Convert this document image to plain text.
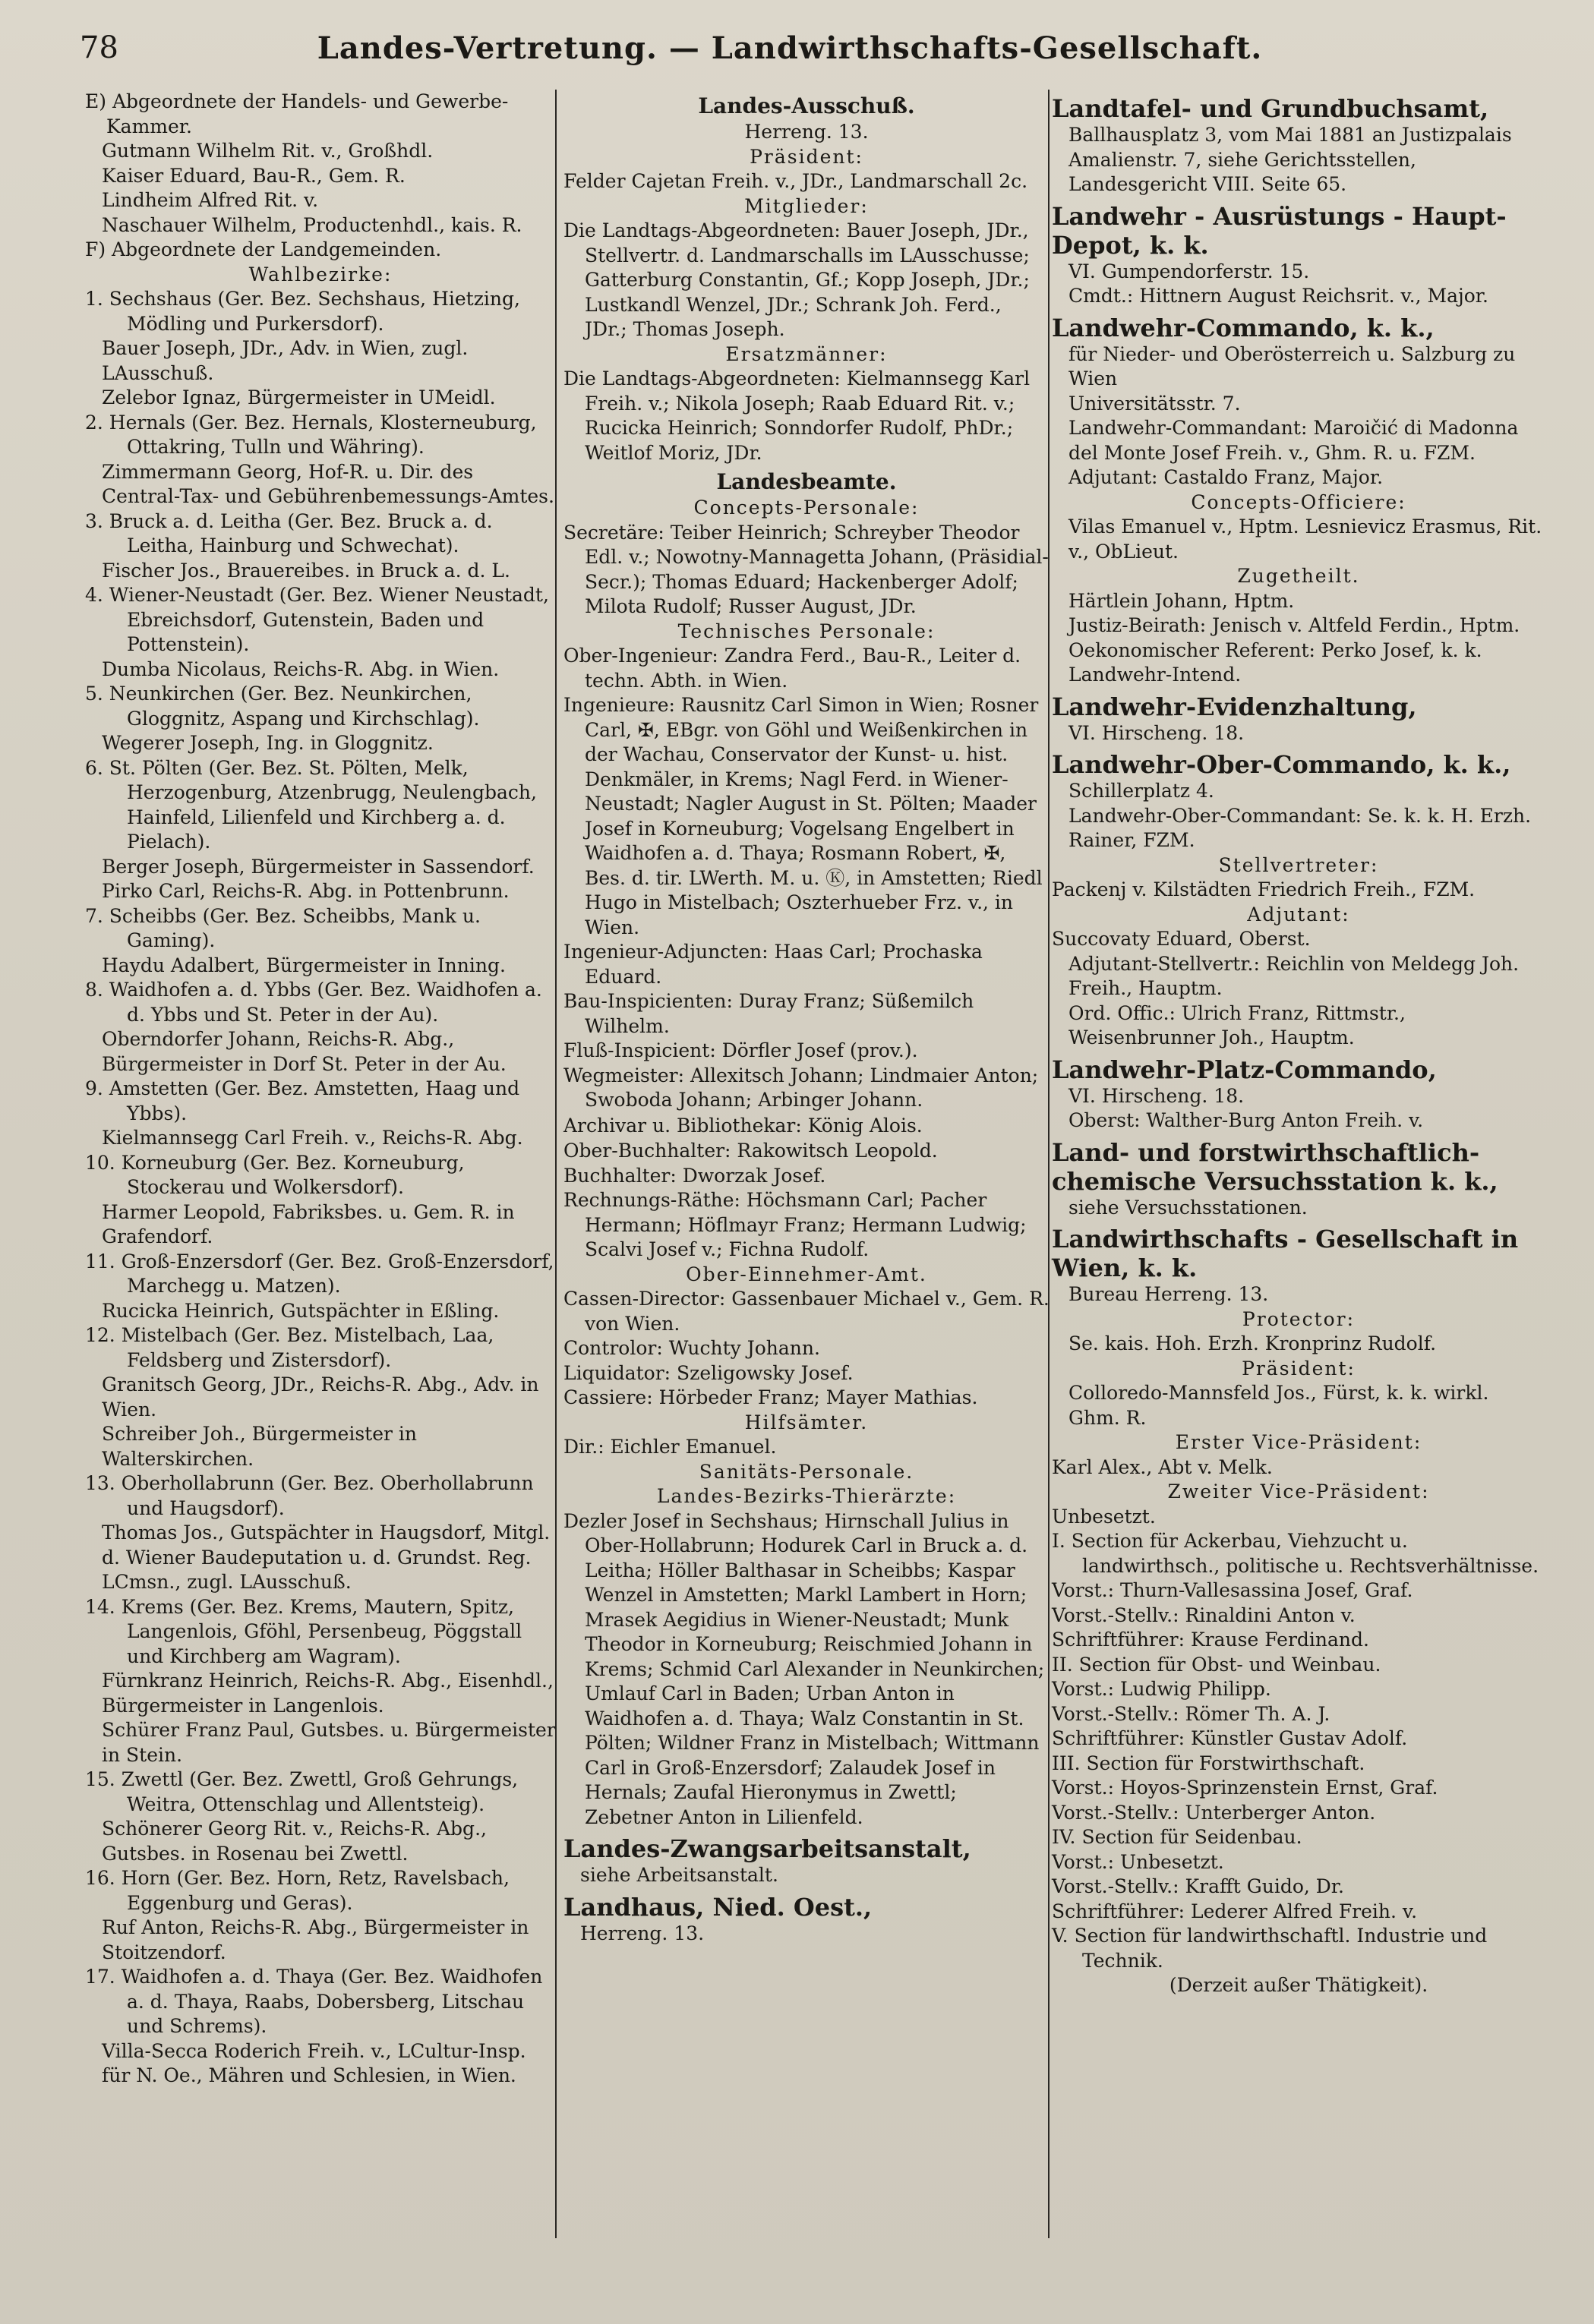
78	Landes-Vertretung. — Landwirthschafts-Gesellschaft.

E) Abgeordnete der Handels- und Gewerbe-Kammer.

Gutmann Wilhelm Rit. v., Großhdl.

Kaiser Eduard, Bau-R., Gem. R.

Lindheim Alfred Rit. v.

Naschauer Wilhelm, Productenhdl., kais. R.

F) Abgeordnete der Landgemeinden.

Wahlbezirke:

1. Sechshaus (Ger. Bez. Sechshaus, Hietzing, Mödling und Purkersdorf).

Bauer Joseph, JDr., Adv. in Wien, zugl. LAusschuß.

Zelebor Ignaz, Bürgermeister in UMeidl.

2. Hernals (Ger. Bez. Hernals, Klosterneuburg, Ottakring, Tulln und Währing).

Zimmermann Georg, Hof-R. u. Dir. des Central-Tax- und Gebührenbemessungs-Amtes.

3. Bruck a. d. Leitha (Ger. Bez. Bruck a. d. Leitha, Hainburg und Schwechat).

Fischer Jos., Brauereibes. in Bruck a. d. L.

4. Wiener-Neustadt (Ger. Bez. Wiener Neustadt, Ebreichsdorf, Gutenstein, Baden und Pottenstein).

Dumba Nicolaus, Reichs-R. Abg. in Wien.

5. Neunkirchen (Ger. Bez. Neunkirchen, Gloggnitz, Aspang und Kirchschlag).

Wegerer Joseph, Ing. in Gloggnitz.

6. St. Pölten (Ger. Bez. St. Pölten, Melk, Herzogenburg, Atzenbrugg, Neulengbach, Hainfeld, Lilienfeld und Kirchberg a. d. Pielach).

Berger Joseph, Bürgermeister in Sassendorf.

Pirko Carl, Reichs-R. Abg. in Pottenbrunn.

7. Scheibbs (Ger. Bez. Scheibbs, Mank u. Gaming).

Haydu Adalbert, Bürgermeister in Inning.

8. Waidhofen a. d. Ybbs (Ger. Bez. Waidhofen a. d. Ybbs und St. Peter in der Au).

Oberndorfer Johann, Reichs-R. Abg., Bürgermeister in Dorf St. Peter in der Au.

9. Amstetten (Ger. Bez. Amstetten, Haag und Ybbs).

Kielmannsegg Carl Freih. v., Reichs-R. Abg.

10. Korneuburg (Ger. Bez. Korneuburg, Stockerau und Wolkersdorf).

Harmer Leopold, Fabriksbes. u. Gem. R. in Grafendorf.

11. Groß-Enzersdorf (Ger. Bez. Groß-Enzersdorf, Marchegg u. Matzen).

Rucicka Heinrich, Gutspächter in Eßling.

12. Mistelbach (Ger. Bez. Mistelbach, Laa, Feldsberg und Zistersdorf).

Granitsch Georg, JDr., Reichs-R. Abg., Adv. in Wien.

Schreiber Joh., Bürgermeister in Walterskirchen.

13. Oberhollabrunn (Ger. Bez. Oberhollabrunn und Haugsdorf).

Thomas Jos., Gutspächter in Haugsdorf, Mitgl. d. Wiener Baudeputation u. d. Grundst. Reg. LCmsn., zugl. LAusschuß.

14. Krems (Ger. Bez. Krems, Mautern, Spitz, Langenlois, Gföhl, Persenbeug, Pöggstall und Kirchberg am Wagram).

Fürnkranz Heinrich, Reichs-R. Abg., Eisenhdl., Bürgermeister in Langenlois.

Schürer Franz Paul, Gutsbes. u. Bürgermeister in Stein.

15. Zwettl (Ger. Bez. Zwettl, Groß Gehrungs, Weitra, Ottenschlag und Allentsteig).

Schönerer Georg Rit. v., Reichs-R. Abg., Gutsbes. in Rosenau bei Zwettl.

16. Horn (Ger. Bez. Horn, Retz, Ravelsbach, Eggenburg und Geras).

Ruf Anton, Reichs-R. Abg., Bürgermeister in Stoitzendorf.

17. Waidhofen a. d. Thaya (Ger. Bez. Waidhofen a. d. Thaya, Raabs, Dobersberg, Litschau und Schrems).

Villa-Secca Roderich Freih. v., LCultur-Insp. für N. Oe., Mähren und Schlesien, in Wien.

Landes-Ausschuß.

Herreng. 13.

Präsident:

Felder Cajetan Freih. v., JDr., Landmarschall 2c.

Mitglieder:

Die Landtags-Abgeordneten: Bauer Joseph, JDr., Stellvertr. d. Landmarschalls im LAusschusse; Gatterburg Constantin, Gf.; Kopp Joseph, JDr.; Lustkandl Wenzel, JDr.; Schrank Joh. Ferd., JDr.; Thomas Joseph.

Ersatzmänner:

Die Landtags-Abgeordneten: Kielmannsegg Karl Freih. v.; Nikola Joseph; Raab Eduard Rit. v.; Rucicka Heinrich; Sonndorfer Rudolf, PhDr.; Weitlof Moriz, JDr.

Landesbeamte.

Concepts-Personale:

Secretäre: Teiber Heinrich; Schreyber Theodor Edl. v.; Nowotny-Mannagetta Johann, (Präsidial-Secr.); Thomas Eduard; Hackenberger Adolf; Milota Rudolf; Russer August, JDr.

Technisches Personale:

Ober-Ingenieur: Zandra Ferd., Bau-R., Leiter d. techn. Abth. in Wien.

Ingenieure: Rausnitz Carl Simon in Wien; Rosner Carl, ✠, EBgr. von Göhl und Weißenkirchen in der Wachau, Conservator der Kunst- u. hist. Denkmäler, in Krems; Nagl Ferd. in Wiener-Neustadt; Nagler August in St. Pölten; Maader Josef in Korneuburg; Vogelsang Engelbert in Waidhofen a. d. Thaya; Rosmann Robert, ✠, Bes. d. tir. LWerth. M. u. Ⓚ, in Amstetten; Riedl Hugo in Mistelbach; Oszterhueber Frz. v., in Wien.

Ingenieur-Adjuncten: Haas Carl; Prochaska Eduard.

Bau-Inspicienten: Duray Franz; Süßemilch Wilhelm.

Fluß-Inspicient: Dörfler Josef (prov.).

Wegmeister: Allexitsch Johann; Lindmaier Anton; Swoboda Johann; Arbinger Johann.

Archivar u. Bibliothekar: König Alois.

Ober-Buchhalter: Rakowitsch Leopold.

Buchhalter: Dworzak Josef.

Rechnungs-Räthe: Höchsmann Carl; Pacher Hermann; Höflmayr Franz; Hermann Ludwig; Scalvi Josef v.; Fichna Rudolf.

Ober-Einnehmer-Amt.

Cassen-Director: Gassenbauer Michael v., Gem. R. von Wien.

Controlor: Wuchty Johann.

Liquidator: Szeligowsky Josef.

Cassiere: Hörbeder Franz; Mayer Mathias.

Hilfsämter.

Dir.: Eichler Emanuel.

Sanitäts-Personale.

Landes-Bezirks-Thierärzte:

Dezler Josef in Sechshaus; Hirnschall Julius in Ober-Hollabrunn; Hodurek Carl in Bruck a. d. Leitha; Höller Balthasar in Scheibbs; Kaspar Wenzel in Amstetten; Markl Lambert in Horn; Mrasek Aegidius in Wiener-Neustadt; Munk Theodor in Korneuburg; Reischmied Johann in Krems; Schmid Carl Alexander in Neunkirchen; Umlauf Carl in Baden; Urban Anton in Waidhofen a. d. Thaya; Walz Constantin in St. Pölten; Wildner Franz in Mistelbach; Wittmann Carl in Groß-Enzersdorf; Zalaudek Josef in Hernals; Zaufal Hieronymus in Zwettl; Zebetner Anton in Lilienfeld.

Landes-Zwangsarbeitsanstalt,

siehe Arbeitsanstalt.

Landhaus, Nied. Oest.,

Herreng. 13.

Landtafel- und Grundbuchsamt,

Ballhausplatz 3, vom Mai 1881 an Justizpalais Amalienstr. 7, siehe Gerichtsstellen, Landesgericht VIII. Seite 65.

Landwehr - Ausrüstungs - Haupt-Depot, k. k.

VI. Gumpendorferstr. 15.

Cmdt.: Hittnern August Reichsrit. v., Major.

Landwehr-Commando, k. k.,

für Nieder- und Oberösterreich u. Salzburg zu Wien

Universitätsstr. 7.

Landwehr-Commandant: Maroičić di Madonna del Monte Josef Freih. v., Ghm. R. u. FZM.

Adjutant: Castaldo Franz, Major.

Concepts-Officiere:

Vilas Emanuel v., Hptm. Lesnievicz Erasmus, Rit. v., ObLieut.

Zugetheilt.

Härtlein Johann, Hptm.

Justiz-Beirath: Jenisch v. Altfeld Ferdin., Hptm.

Oekonomischer Referent: Perko Josef, k. k. Landwehr-Intend.

Landwehr-Evidenzhaltung,

VI. Hirscheng. 18.

Landwehr-Ober-Commando, k. k.,

Schillerplatz 4.

Landwehr-Ober-Commandant: Se. k. k. H. Erzh. Rainer, FZM.

Stellvertreter:

Packenj v. Kilstädten Friedrich Freih., FZM.

Adjutant:

Succovaty Eduard, Oberst.

Adjutant-Stellvertr.: Reichlin von Meldegg Joh. Freih., Hauptm.

Ord. Offic.: Ulrich Franz, Rittmstr., Weisenbrunner Joh., Hauptm.

Landwehr-Platz-Commando,

VI. Hirscheng. 18.

Oberst: Walther-Burg Anton Freih. v.

Land- und forstwirthschaftlich-chemische Versuchsstation k. k.,

siehe Versuchsstationen.

Landwirthschafts - Gesellschaft in Wien, k. k.

Bureau Herreng. 13.

Protector:

Se. kais. Hoh. Erzh. Kronprinz Rudolf.

Präsident:

Colloredo-Mannsfeld Jos., Fürst, k. k. wirkl. Ghm. R.

Erster Vice-Präsident:

Karl Alex., Abt v. Melk.

Zweiter Vice-Präsident:

Unbesetzt.

I. Section für Ackerbau, Viehzucht u. landwirthsch., politische u. Rechtsverhältnisse.

Vorst.: Thurn-Vallesassina Josef, Graf.

Vorst.-Stellv.: Rinaldini Anton v.

Schriftführer: Krause Ferdinand.

II. Section für Obst- und Weinbau.

Vorst.: Ludwig Philipp.

Vorst.-Stellv.: Römer Th. A. J.

Schriftführer: Künstler Gustav Adolf.

III. Section für Forstwirthschaft.

Vorst.: Hoyos-Sprinzenstein Ernst, Graf.

Vorst.-Stellv.: Unterberger Anton.

IV. Section für Seidenbau.

Vorst.: Unbesetzt.

Vorst.-Stellv.: Krafft Guido, Dr.

Schriftführer: Lederer Alfred Freih. v.

V. Section für landwirthschaftl. Industrie und Technik.

(Derzeit außer Thätigkeit).
